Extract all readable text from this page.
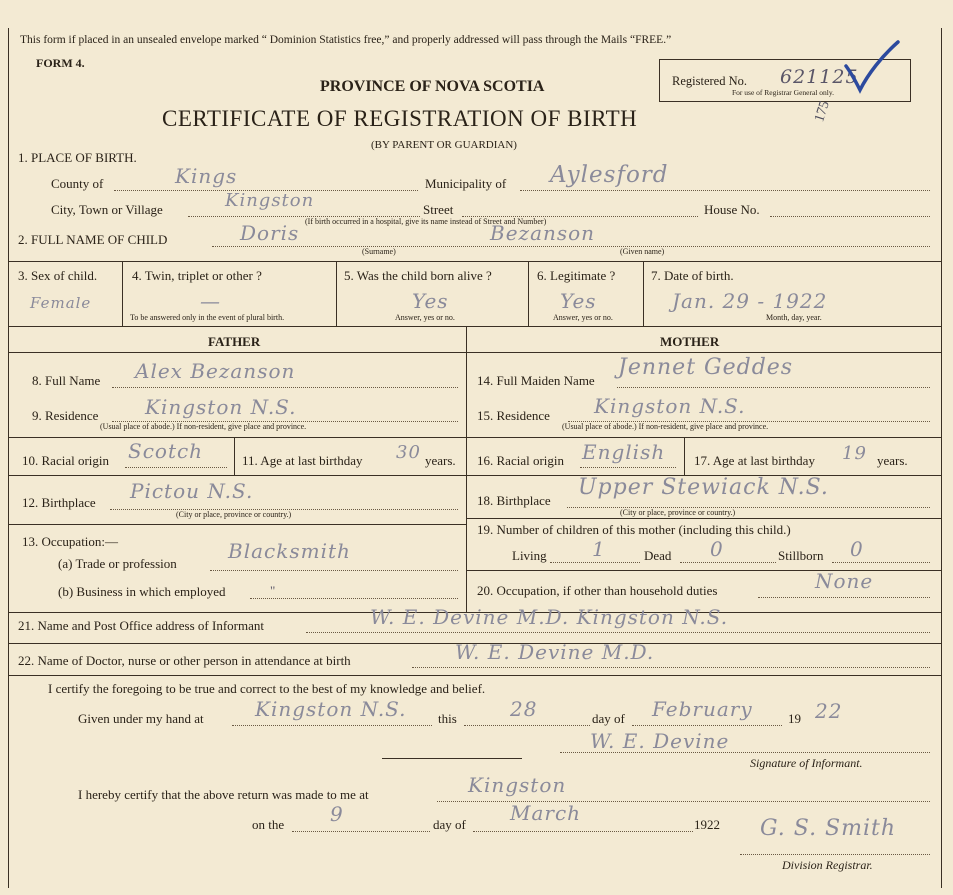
This form if placed in an unsealed envelope marked “ Dominion Statistics free,” and properly addressed will pass through the Mails “FREE.”
FORM 4.
PROVINCE OF NOVA SCOTIA
CERTIFICATE OF REGISTRATION OF BIRTH
(BY PARENT OR GUARDIAN)
Registered No. 621125
For use of Registrar General only.
175
1. PLACE OF BIRTH.
County of	Kings	Municipality of Aylesford
City, Town or Village	Kingston	Street	House No.
(If birth occurred in a hospital, give its name instead of Street and Number)
2. FULL NAME OF CHILD	Doris	Bezanson
(Surname)	(Given name)
3. Sex of child.
Female
4. Twin, triplet or other ?
—
To be answered only in the event of plural birth.
5. Was the child born alive ?
Yes
Answer, yes or no.
6. Legitimate ?
Yes
Answer, yes or no.
7. Date of birth.
Jan. 29 - 1922
Month, day, year.
FATHER	MOTHER
8. Full Name Alex Bezanson
9. Residence Kingston N.S.
(Usual place of abode.) If non-resident, give place and province.
10. Racial origin Scotch	11. Age at last birthday 30 years.
12. Birthplace Pictou N.S.
(City or place, province or country.)
13. Occupation:—
(a) Trade or profession
Blacksmith
(b) Business in which employed	"
14. Full Maiden Name
Jennet Geddes
15. Residence Kingston N.S.
(Usual place of abode.) If non-resident, give place and province.
16. Racial origin English 17. Age at last birthday 19 years.
18. Birthplace
Upper Stewiack N.S.
(City or place, province or country.)
19. Number of children of this mother (including this child.)
Living 1	Dead 0	Stillborn 0
20. Occupation, if other than household duties	None
21. Name and Post Office address of Informant	W. E. Devine M.D. Kingston N.S.
22. Name of Doctor, nurse or other person in attendance at birth	W. E. Devine M.D.
I certify the foregoing to be true and correct to the best of my knowledge and belief.
Given under my hand at	Kingston N.S. this	28	day of February	19 22
W. E. Devine
Signature of Informant.
I hereby certify that the above return was made to me at	Kingston
on the 9	day of March	1922 G. S. Smith
Division Registrar.
